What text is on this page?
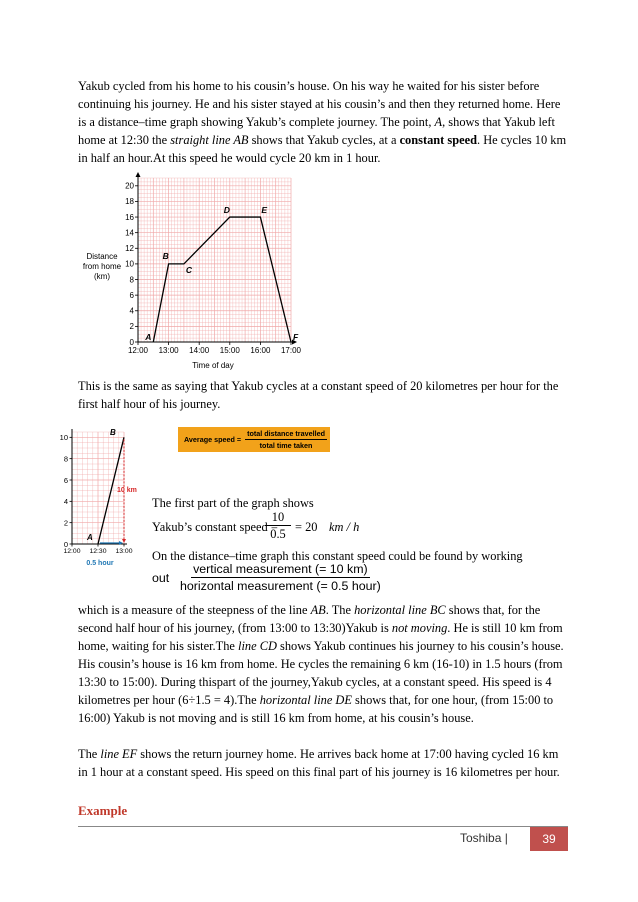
Yakub cycled from his home to his cousin’s house. On his way he waited for his sister before continuing his journey. He and his sister stayed at his cousin’s and then they returned home. Here is a distance–time graph showing Yakub’s complete journey. The point, A, shows that Yakub left home at 12:30 the straight line AB shows that Yakub cycles, at a constant speed. He cycles 10 km in half an hour.At this speed he would cycle 20 km in 1 hour.

0
2
4
6
8
10
12
14
16
18
20
12:00 13:00 14:00 15:00 16:00 17:00
A
B
C
D	E
F
Distance
from home
(km)
Time of day

This is the same as saying that Yakub cycles at a constant speed of 20 kilometres per hour for the first half hour of his journey.

0
2
4
6
8
10
12:00 12:30 13:00
A
B
10 km
0.5 hour
Average speed = $\frac{\text{total distance travelled}}{\text{total time taken}}$
The first part of the graph shows
Yakub’s constant speed =
$\frac{10}{0.5} = 20$ km / h
On the distance–time graph this constant speed could be found by working
out
vertical measurement (= 10 km)
horizontal measurement (= 0.5 hour)

which is a measure of the steepness of the line AB. The horizontal line BC shows that, for the second half hour of his journey, (from 13:00 to 13:30)Yakub is not moving. He is still 10 km from home, waiting for his sister.The line CD shows Yakub continues his journey to his cousin’s house. His cousin’s house is 16 km from home. He cycles the remaining 6 km (16-10) in 1.5 hours (from 13:30 to 15:00). During thispart of the journey,Yakub cycles, at a constant speed. His speed is 4 kilometres per hour (6÷1.5 = 4).The horizontal line DE shows that, for one hour, (from 15:00 to 16:00) Yakub is not moving and is still 16 km from home, at his cousin’s house.

The line EF shows the return journey home. He arrives back home at 17:00 having cycled 16 km in 1 hour at a constant speed. His speed on this final part of his journey is 16 kilometres per hour.

Example
Toshiba |	39
